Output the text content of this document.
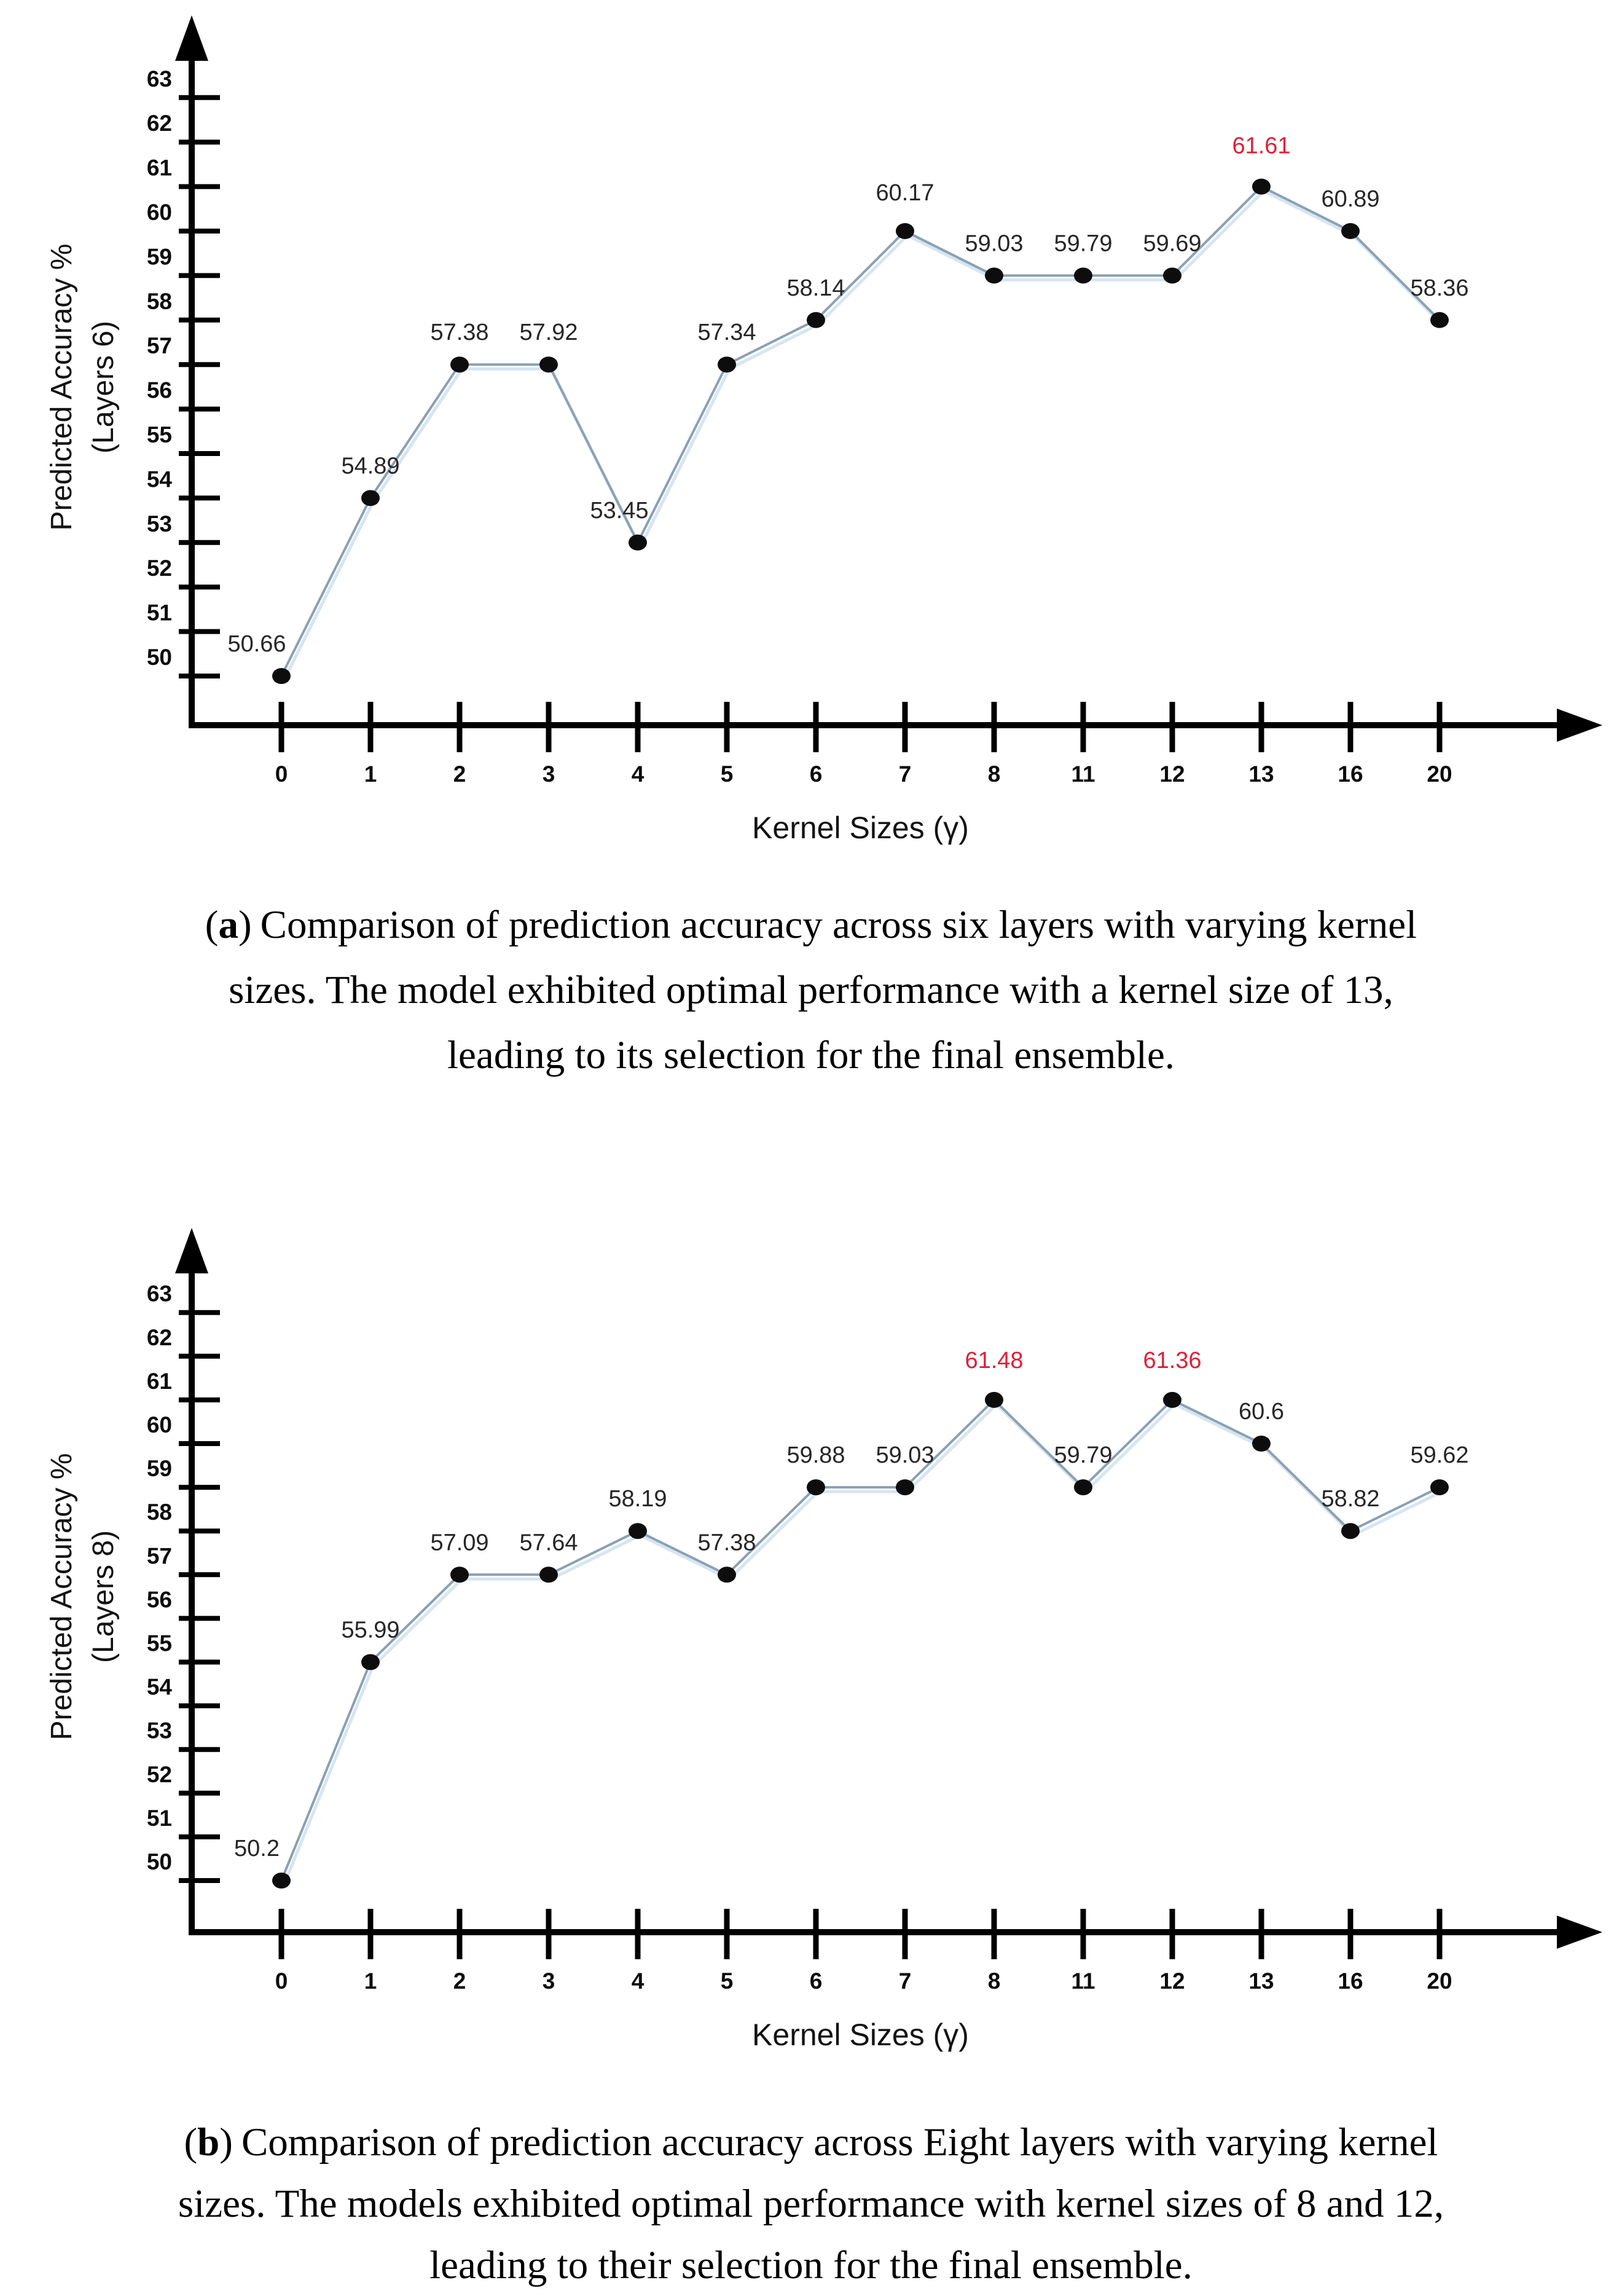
50
51
52
53
54
55
56
57
58
59
60
61
62
63
0	1	2	3	4	5	6	7	8	11	12	13	16	20
Kernel Sizes (γ)
Predicted Accuracy % (Layers 6)
50.66
54.89
57.38 57.92
53.45
57.34
58.14
60.17
59.03 59.79 59.69
61.61
60.89
58.36
(a) Comparison of prediction accuracy across six layers with varying kernel
sizes. The model exhibited optimal performance with a kernel size of 13,
leading to its selection for the final ensemble.
50
51
52
53
54
55
56
57
58
59
60
61
62
63
0	1	2	3	4	5	6	7	8	11	12	13	16	20
Kernel Sizes (γ)
Predicted Accuracy % (Layers 8)
50.2
55.99
57.09 57.64
58.19
57.38
59.88 59.03
61.48
59.79
61.36
60.6
58.82
59.62
(b) Comparison of prediction accuracy across Eight layers with varying kernel
sizes. The models exhibited optimal performance with kernel sizes of 8 and 12,
leading to their selection for the final ensemble.
